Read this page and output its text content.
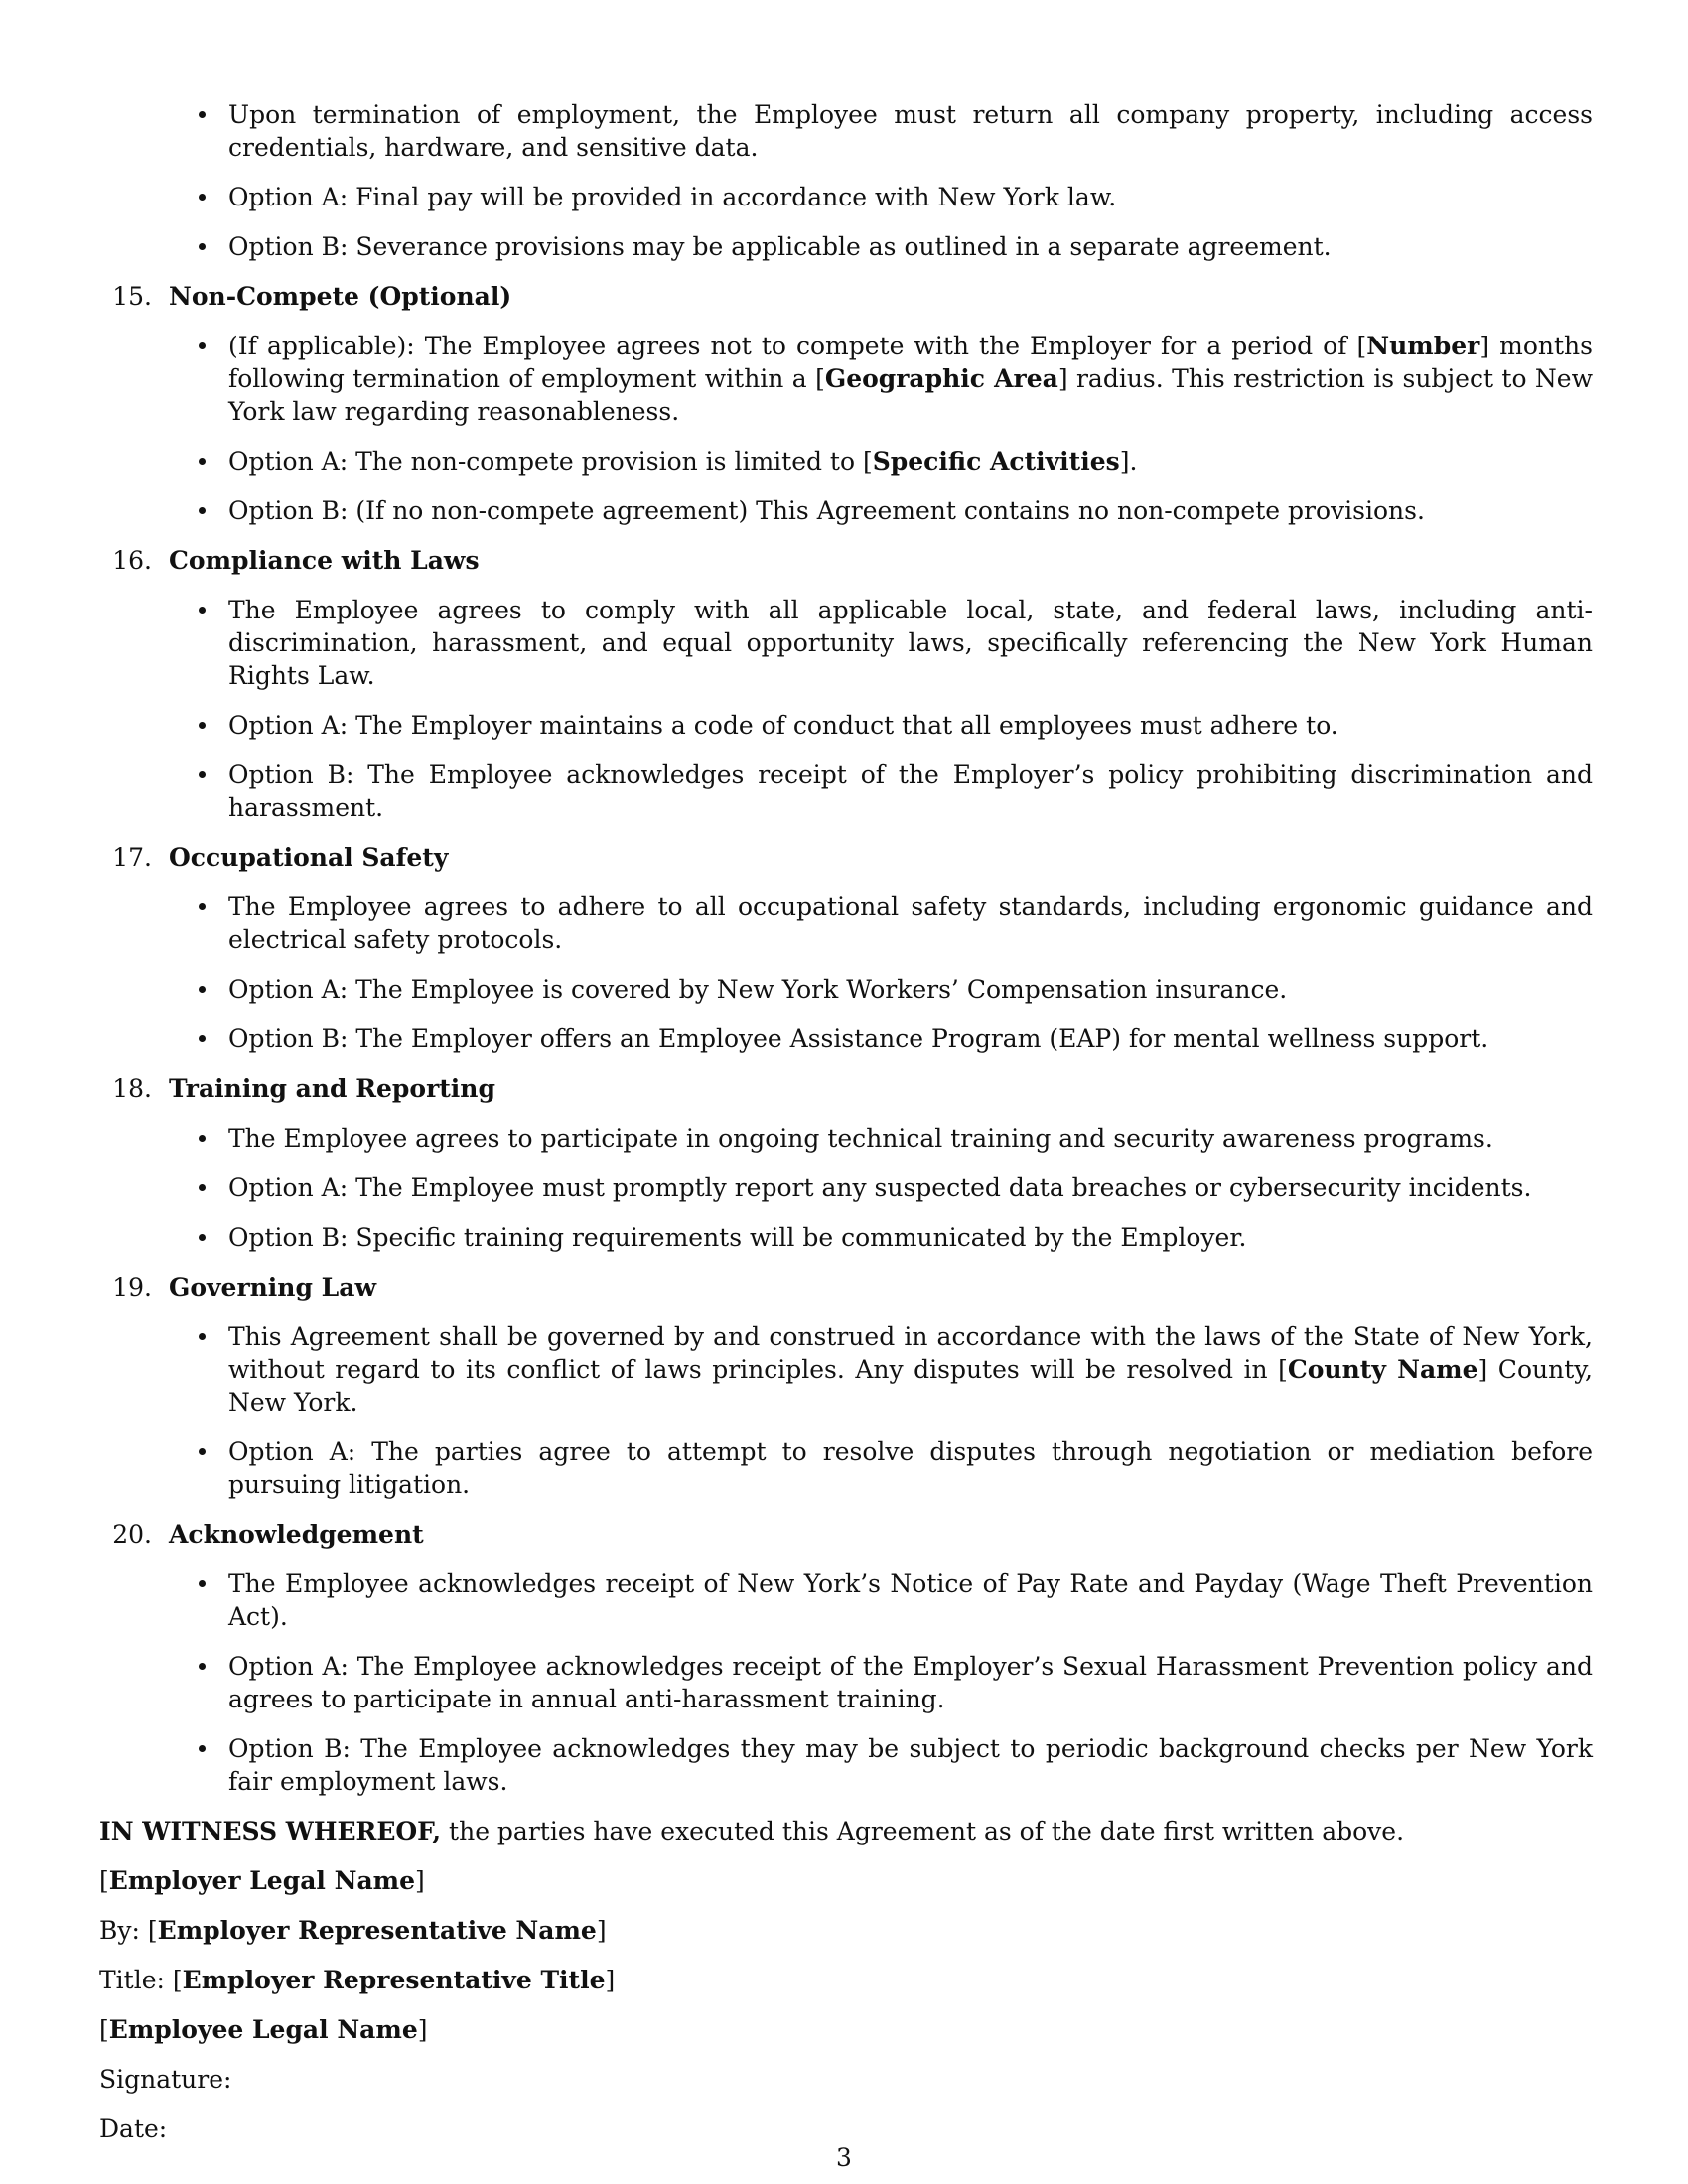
Upon termination of employment, the Employee must return all company property, including access credentials, hardware, and sensitive data.
Option A: Final pay will be provided in accordance with New York law.
Option B: Severance provisions may be applicable as outlined in a separate agreement.
15. Non-Compete (Optional)
(If applicable): The Employee agrees not to compete with the Employer for a period of [Number] months following termination of employment within a [Geographic Area] radius. This restriction is subject to New York law regarding reasonableness.
Option A: The non-compete provision is limited to [Specific Activities].
Option B: (If no non-compete agreement) This Agreement contains no non-compete provisions.
16. Compliance with Laws
The Employee agrees to comply with all applicable local, state, and federal laws, including anti-discrimination, harassment, and equal opportunity laws, specifically referencing the New York Human Rights Law.
Option A: The Employer maintains a code of conduct that all employees must adhere to.
Option B: The Employee acknowledges receipt of the Employer’s policy prohibiting discrimination and harassment.
17. Occupational Safety
The Employee agrees to adhere to all occupational safety standards, including ergonomic guidance and electrical safety protocols.
Option A: The Employee is covered by New York Workers’ Compensation insurance.
Option B: The Employer offers an Employee Assistance Program (EAP) for mental wellness support.
18. Training and Reporting
The Employee agrees to participate in ongoing technical training and security awareness programs.
Option A: The Employee must promptly report any suspected data breaches or cybersecurity incidents.
Option B: Specific training requirements will be communicated by the Employer.
19. Governing Law
This Agreement shall be governed by and construed in accordance with the laws of the State of New York, without regard to its conflict of laws principles. Any disputes will be resolved in [County Name] County, New York.
Option A: The parties agree to attempt to resolve disputes through negotiation or mediation before pursuing litigation.
20. Acknowledgement
The Employee acknowledges receipt of New York’s Notice of Pay Rate and Payday (Wage Theft Prevention Act).
Option A: The Employee acknowledges receipt of the Employer’s Sexual Harassment Prevention policy and agrees to participate in annual anti-harassment training.
Option B: The Employee acknowledges they may be subject to periodic background checks per New York fair employment laws.
IN WITNESS WHEREOF, the parties have executed this Agreement as of the date first written above.
[Employer Legal Name]
By: [Employer Representative Name]
Title: [Employer Representative Title]
[Employee Legal Name]
Signature:
Date:
3
